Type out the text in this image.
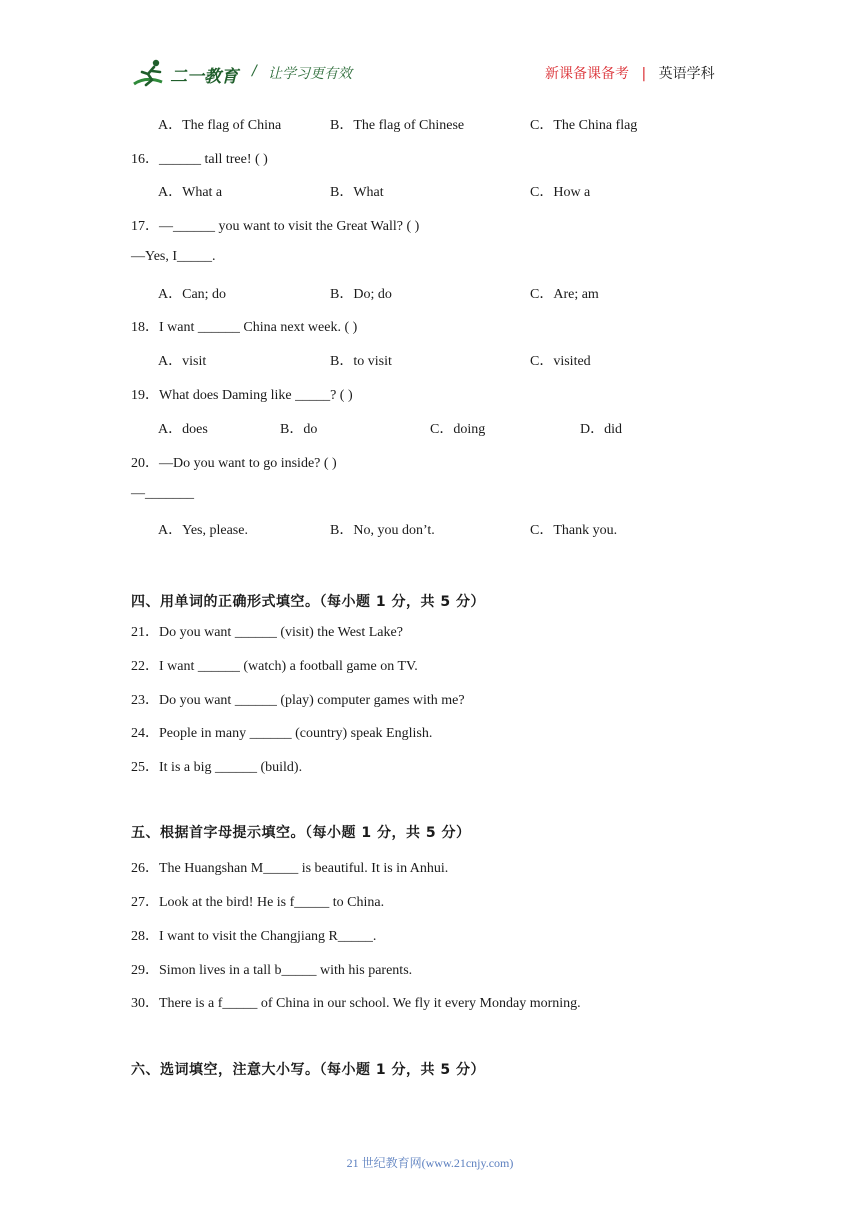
二一教育 / 让学习更有效	新课备课备考 | 英语学科
A．The flag of China	B．The flag of Chinese	C．The China flag
16．______ tall tree! ( )
A．What a	B．What	C．How a
17．—______ you want to visit the Great Wall? ( )
—Yes, I_____.
A．Can; do	B．Do; do	C．Are; am
18．I want ______ China next week. ( )
A．visit	B．to visit	C．visited
19．What does Daming like _____? ( )
A．does	B．do	C．doing	D．did
20．—Do you want to go inside? ( )
—_______
A．Yes, please.	B．No, you don’t.	C．Thank you.
四、用单词的正确形式填空。（每小题 1 分，共 5 分）
21．Do you want ______ (visit) the West Lake?
22．I want ______ (watch) a football game on TV.
23．Do you want ______ (play) computer games with me?
24．People in many ______ (country) speak English.
25．It is a big ______ (build).
五、根据首字母提示填空。（每小题 1 分，共 5 分）
26．The Huangshan M_____ is beautiful. It is in Anhui.
27．Look at the bird! He is f_____ to China.
28．I want to visit the Changjiang R_____.
29．Simon lives in a tall b_____ with his parents.
30．There is a f_____ of China in our school. We fly it every Monday morning.
六、选词填空，注意大小写。（每小题 1 分，共 5 分）
21 世纪教育网(www.21cnjy.com)
